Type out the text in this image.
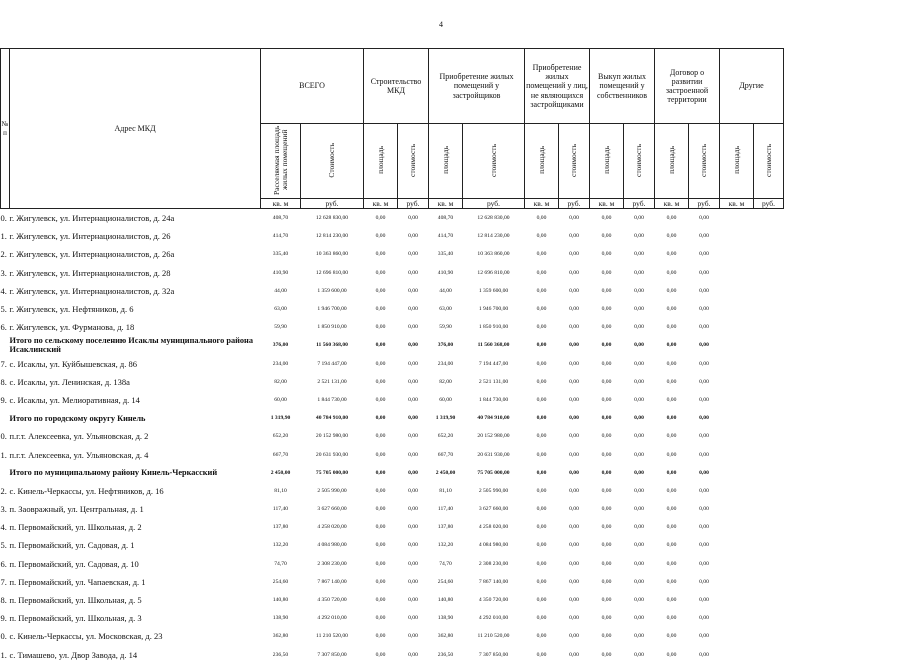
4
№ п	Адрес МКД	ВСЕГО		Строительство МКД		Приобретение жилых помещений у застройщиков		Приобретение жилых помещений у лиц, не являющихся застройщиками		Выкуп жилых помещений у собственников		Договор о развитии застроенной территории		Другие	
		Расселяемая площадь жилых помещений	Стоимость	площадь	стоимость	площадь	стоимость	площадь	стоимость	площадь	стоимость	площадь	стоимость	площадь	стоимость
		кв. м	руб.	кв. м	руб.	кв. м	руб.	кв. м	руб.	кв. м	руб.	кв. м	руб.	кв. м	руб.
0.	г. Жигулевск, ул. Интернационалистов, д. 24а	408,70	12 628 830,00	0,00	0,00	408,70	12 628 830,00	0,00	0,00	0,00	0,00	0,00	0,00		
1.	г. Жигулевск, ул. Интернационалистов, д. 26	414,70	12 814 230,00	0,00	0,00	414,70	12 814 230,00	0,00	0,00	0,00	0,00	0,00	0,00		
2.	г. Жигулевск, ул. Интернационалистов, д. 26а	335,40	10 363 860,00	0,00	0,00	335,40	10 363 860,00	0,00	0,00	0,00	0,00	0,00	0,00		
3.	г. Жигулевск, ул. Интернационалистов, д. 28	410,90	12 696 810,00	0,00	0,00	410,90	12 696 810,00	0,00	0,00	0,00	0,00	0,00	0,00		
4.	г. Жигулевск, ул. Интернационалистов, д. 32а	44,00	1 359 600,00	0,00	0,00	44,00	1 359 600,00	0,00	0,00	0,00	0,00	0,00	0,00		
5.	г. Жигулевск, ул. Нефтяников, д. 6	63,00	1 946 700,00	0,00	0,00	63,00	1 946 700,00	0,00	0,00	0,00	0,00	0,00	0,00		
6.	г. Жигулевск, ул. Фурманова, д. 18	59,90	1 850 910,00	0,00	0,00	59,90	1 850 910,00	0,00	0,00	0,00	0,00	0,00	0,00		
	Итого по сельскому поселению Исаклы муниципального района Исаклинский	376,00	11 560 368,00	0,00	0,00	376,00	11 560 368,00	0,00	0,00	0,00	0,00	0,00	0,00		
7.	с. Исаклы, ул. Куйбышевская, д. 86	234,00	7 194 447,00	0,00	0,00	234,00	7 194 447,00	0,00	0,00	0,00	0,00	0,00	0,00		
8.	с. Исаклы, ул. Ленинская, д. 138а	82,00	2 521 131,00	0,00	0,00	82,00	2 521 131,00	0,00	0,00	0,00	0,00	0,00	0,00		
9.	с. Исаклы, ул. Мелиоративная, д. 14	60,00	1 844 730,00	0,00	0,00	60,00	1 844 730,00	0,00	0,00	0,00	0,00	0,00	0,00		
	Итого по городскому округу Кинель	1 319,90	40 784 910,00	0,00	0,00	1 319,90	40 784 910,00	0,00	0,00	0,00	0,00	0,00	0,00		
0.	п.г.т. Алексеевка, ул. Ульяновская, д. 2	652,20	20 152 980,00	0,00	0,00	652,20	20 152 980,00	0,00	0,00	0,00	0,00	0,00	0,00		
1.	п.г.т. Алексеевка, ул. Ульяновская, д. 4	667,70	20 631 930,00	0,00	0,00	667,70	20 631 930,00	0,00	0,00	0,00	0,00	0,00	0,00		
	Итого по муниципальному району Кинель-Черкасский	2 450,00	75 705 000,00	0,00	0,00	2 450,00	75 705 000,00	0,00	0,00	0,00	0,00	0,00	0,00		
2.	с. Кинель-Черкассы, ул. Нефтяников, д. 16	81,10	2 505 990,00	0,00	0,00	81,10	2 505 990,00	0,00	0,00	0,00	0,00	0,00	0,00		
3.	п. Заовражный, ул. Центральная, д. 1	117,40	3 627 660,00	0,00	0,00	117,40	3 627 660,00	0,00	0,00	0,00	0,00	0,00	0,00		
4.	п. Первомайский, ул. Школьная, д. 2	137,80	4 258 020,00	0,00	0,00	137,80	4 258 020,00	0,00	0,00	0,00	0,00	0,00	0,00		
5.	п. Первомайский, ул. Садовая, д. 1	132,20	4 084 980,00	0,00	0,00	132,20	4 084 980,00	0,00	0,00	0,00	0,00	0,00	0,00		
6.	п. Первомайский, ул. Садовая, д. 10	74,70	2 308 230,00	0,00	0,00	74,70	2 308 230,00	0,00	0,00	0,00	0,00	0,00	0,00		
7.	п. Первомайский, ул. Чапаевская, д. 1	254,60	7 867 140,00	0,00	0,00	254,60	7 867 140,00	0,00	0,00	0,00	0,00	0,00	0,00		
8.	п. Первомайский, ул. Школьная, д. 5	140,80	4 350 720,00	0,00	0,00	140,80	4 350 720,00	0,00	0,00	0,00	0,00	0,00	0,00		
9.	п. Первомайский, ул. Школьная, д. 3	138,90	4 292 010,00	0,00	0,00	138,90	4 292 010,00	0,00	0,00	0,00	0,00	0,00	0,00		
0.	с. Кинель-Черкассы, ул. Московская, д. 23	362,80	11 210 520,00	0,00	0,00	362,80	11 210 520,00	0,00	0,00	0,00	0,00	0,00	0,00		
1.	с. Тимашево, ул. Двор Завода, д. 14	236,50	7 307 850,00	0,00	0,00	236,50	7 307 850,00	0,00	0,00	0,00	0,00	0,00	0,00		
